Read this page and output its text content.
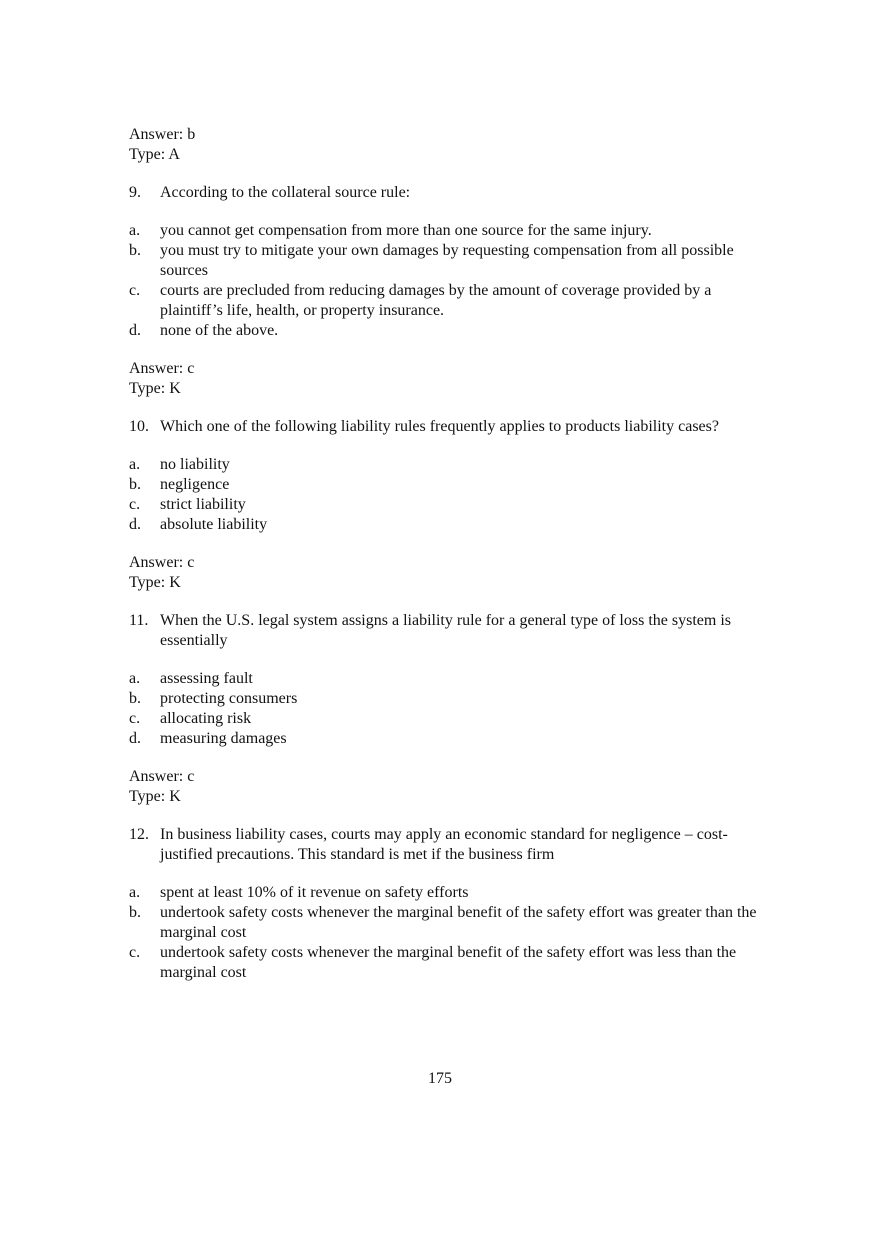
Answer: b

Type: A

9.	According to the collateral source rule:
a.	you cannot get compensation from more than one source for the same injury.
b.	you must try to mitigate your own damages by requesting compensation from all possible sources
c.	courts are precluded from reducing damages by the amount of coverage provided by a plaintiff’s life, health, or property insurance.
d.	none of the above.

Answer: c

Type: K

10. Which one of the following liability rules frequently applies to products liability cases?
a.	no liability
b.	negligence
c.	strict liability
d.	absolute liability

Answer: c

Type: K

11. When the U.S. legal system assigns a liability rule for a general type of loss the system is essentially
a.	assessing fault
b.	protecting consumers
c.	allocating risk
d.	measuring damages

Answer: c

Type: K

12. In business liability cases, courts may apply an economic standard for negligence – cost-justified precautions. This standard is met if the business firm
a.	spent at least 10% of it revenue on safety efforts
b.	undertook safety costs whenever the marginal benefit of the safety effort was greater than the marginal cost
c.	undertook safety costs whenever the marginal benefit of the safety effort was less than the marginal cost
175
